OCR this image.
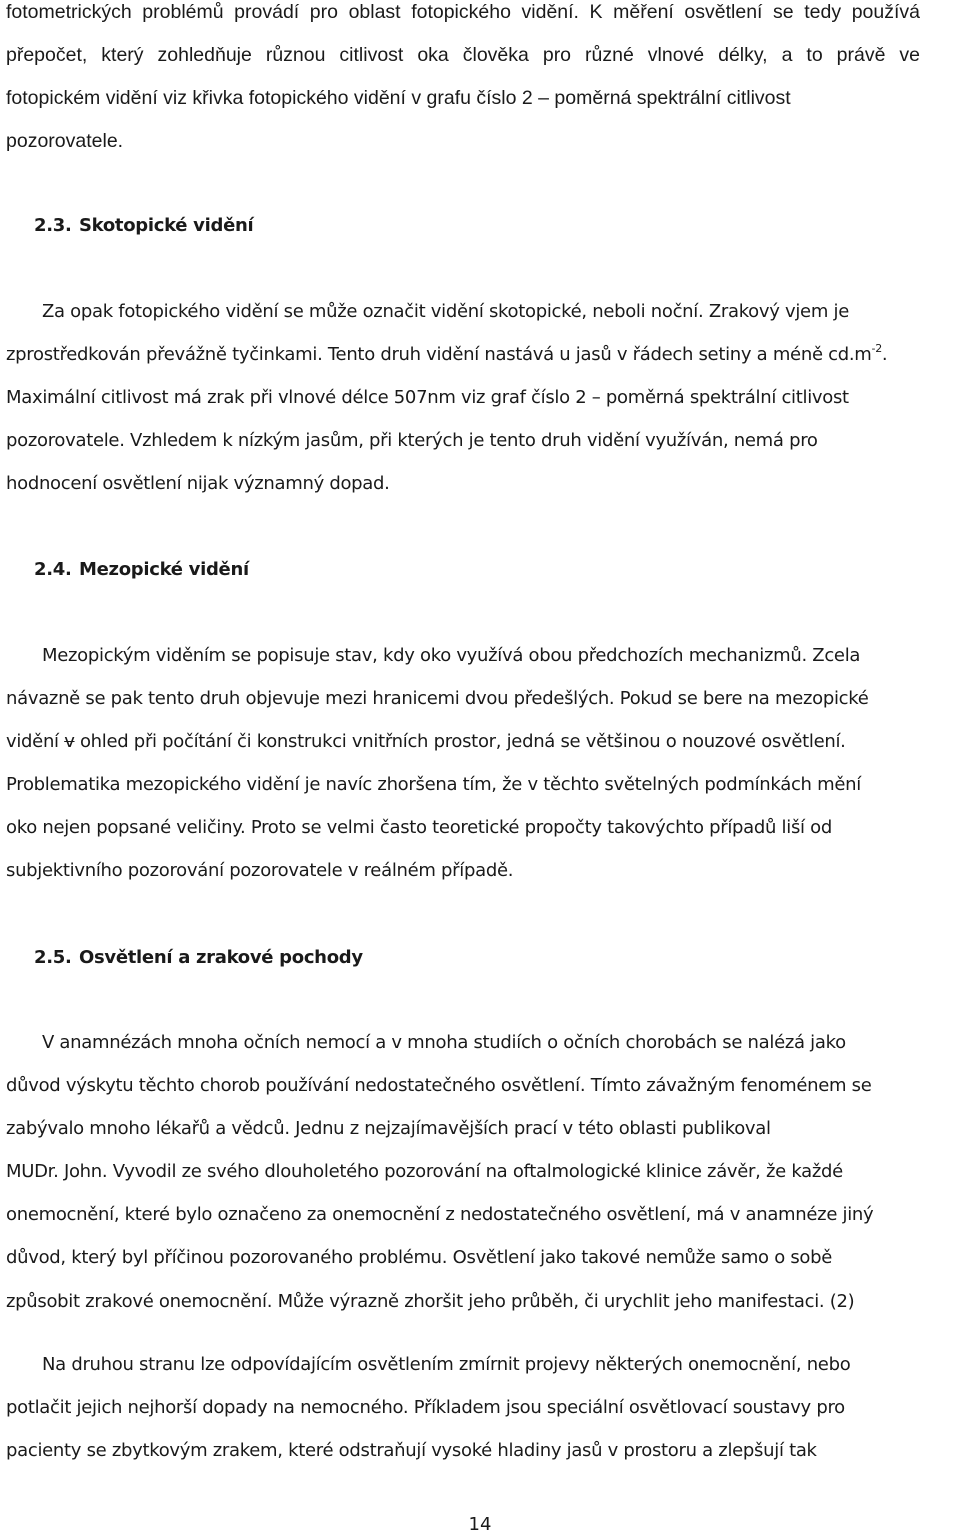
fotometrických problémů provádí pro oblast fotopického vidění. K měření osvětlení se tedy používá
přepočet, který zohledňuje různou citlivost oka člověka pro různé vlnové délky, a to právě ve
fotopickém vidění viz křivka fotopického vidění v grafu číslo 2 – poměrná spektrální citlivost
pozorovatele.
2.3. Skotopické vidění
Za opak fotopického vidění se může označit vidění skotopické, neboli noční. Zrakový vjem je
zprostředkován převážně tyčinkami. Tento druh vidění nastává u jasů v řádech setiny a méně $cd.m^{-2}$.
Maximální citlivost má zrak při vlnové délce 507nm viz graf číslo 2 – poměrná spektrální citlivost
pozorovatele. Vzhledem k nízkým jasům, při kterých je tento druh vidění využíván, nemá pro
hodnocení osvětlení nijak významný dopad.
2.4. Mezopické vidění
Mezopickým viděním se popisuje stav, kdy oko využívá obou předchozích mechanizmů. Zcela
návazně se pak tento druh objevuje mezi hranicemi dvou předešlých. Pokud se bere na mezopické
vidění v ohled při počítání či konstrukci vnitřních prostor, jedná se většinou o nouzové osvětlení.
Problematika mezopického vidění je navíc zhoršena tím, že v těchto světelných podmínkách mění
oko nejen popsané veličiny. Proto se velmi často teoretické propočty takovýchto případů liší od
subjektivního pozorování pozorovatele v reálném případě.
2.5. Osvětlení a zrakové pochody
V anamnézách mnoha očních nemocí a v mnoha studiích o očních chorobách se nalézá jako
důvod výskytu těchto chorob používání nedostatečného osvětlení. Tímto závažným fenoménem se
zabývalo mnoho lékařů a vědců. Jednu z nejzajímavějších prací v této oblasti publikoval
MUDr. John. Vyvodil ze svého dlouholetého pozorování na oftalmologické klinice závěr, že každé
onemocnění, které bylo označeno za onemocnění z nedostatečného osvětlení, má v anamnéze jiný
důvod, který byl příčinou pozorovaného problému. Osvětlení jako takové nemůže samo o sobě
způsobit zrakové onemocnění. Může výrazně zhoršit jeho průběh, či urychlit jeho manifestaci. (2)
Na druhou stranu lze odpovídajícím osvětlením zmírnit projevy některých onemocnění, nebo
potlačit jejich nejhorší dopady na nemocného. Příkladem jsou speciální osvětlovací soustavy pro
pacienty se zbytkovým zrakem, které odstraňují vysoké hladiny jasů v prostoru a zlepšují tak
14
